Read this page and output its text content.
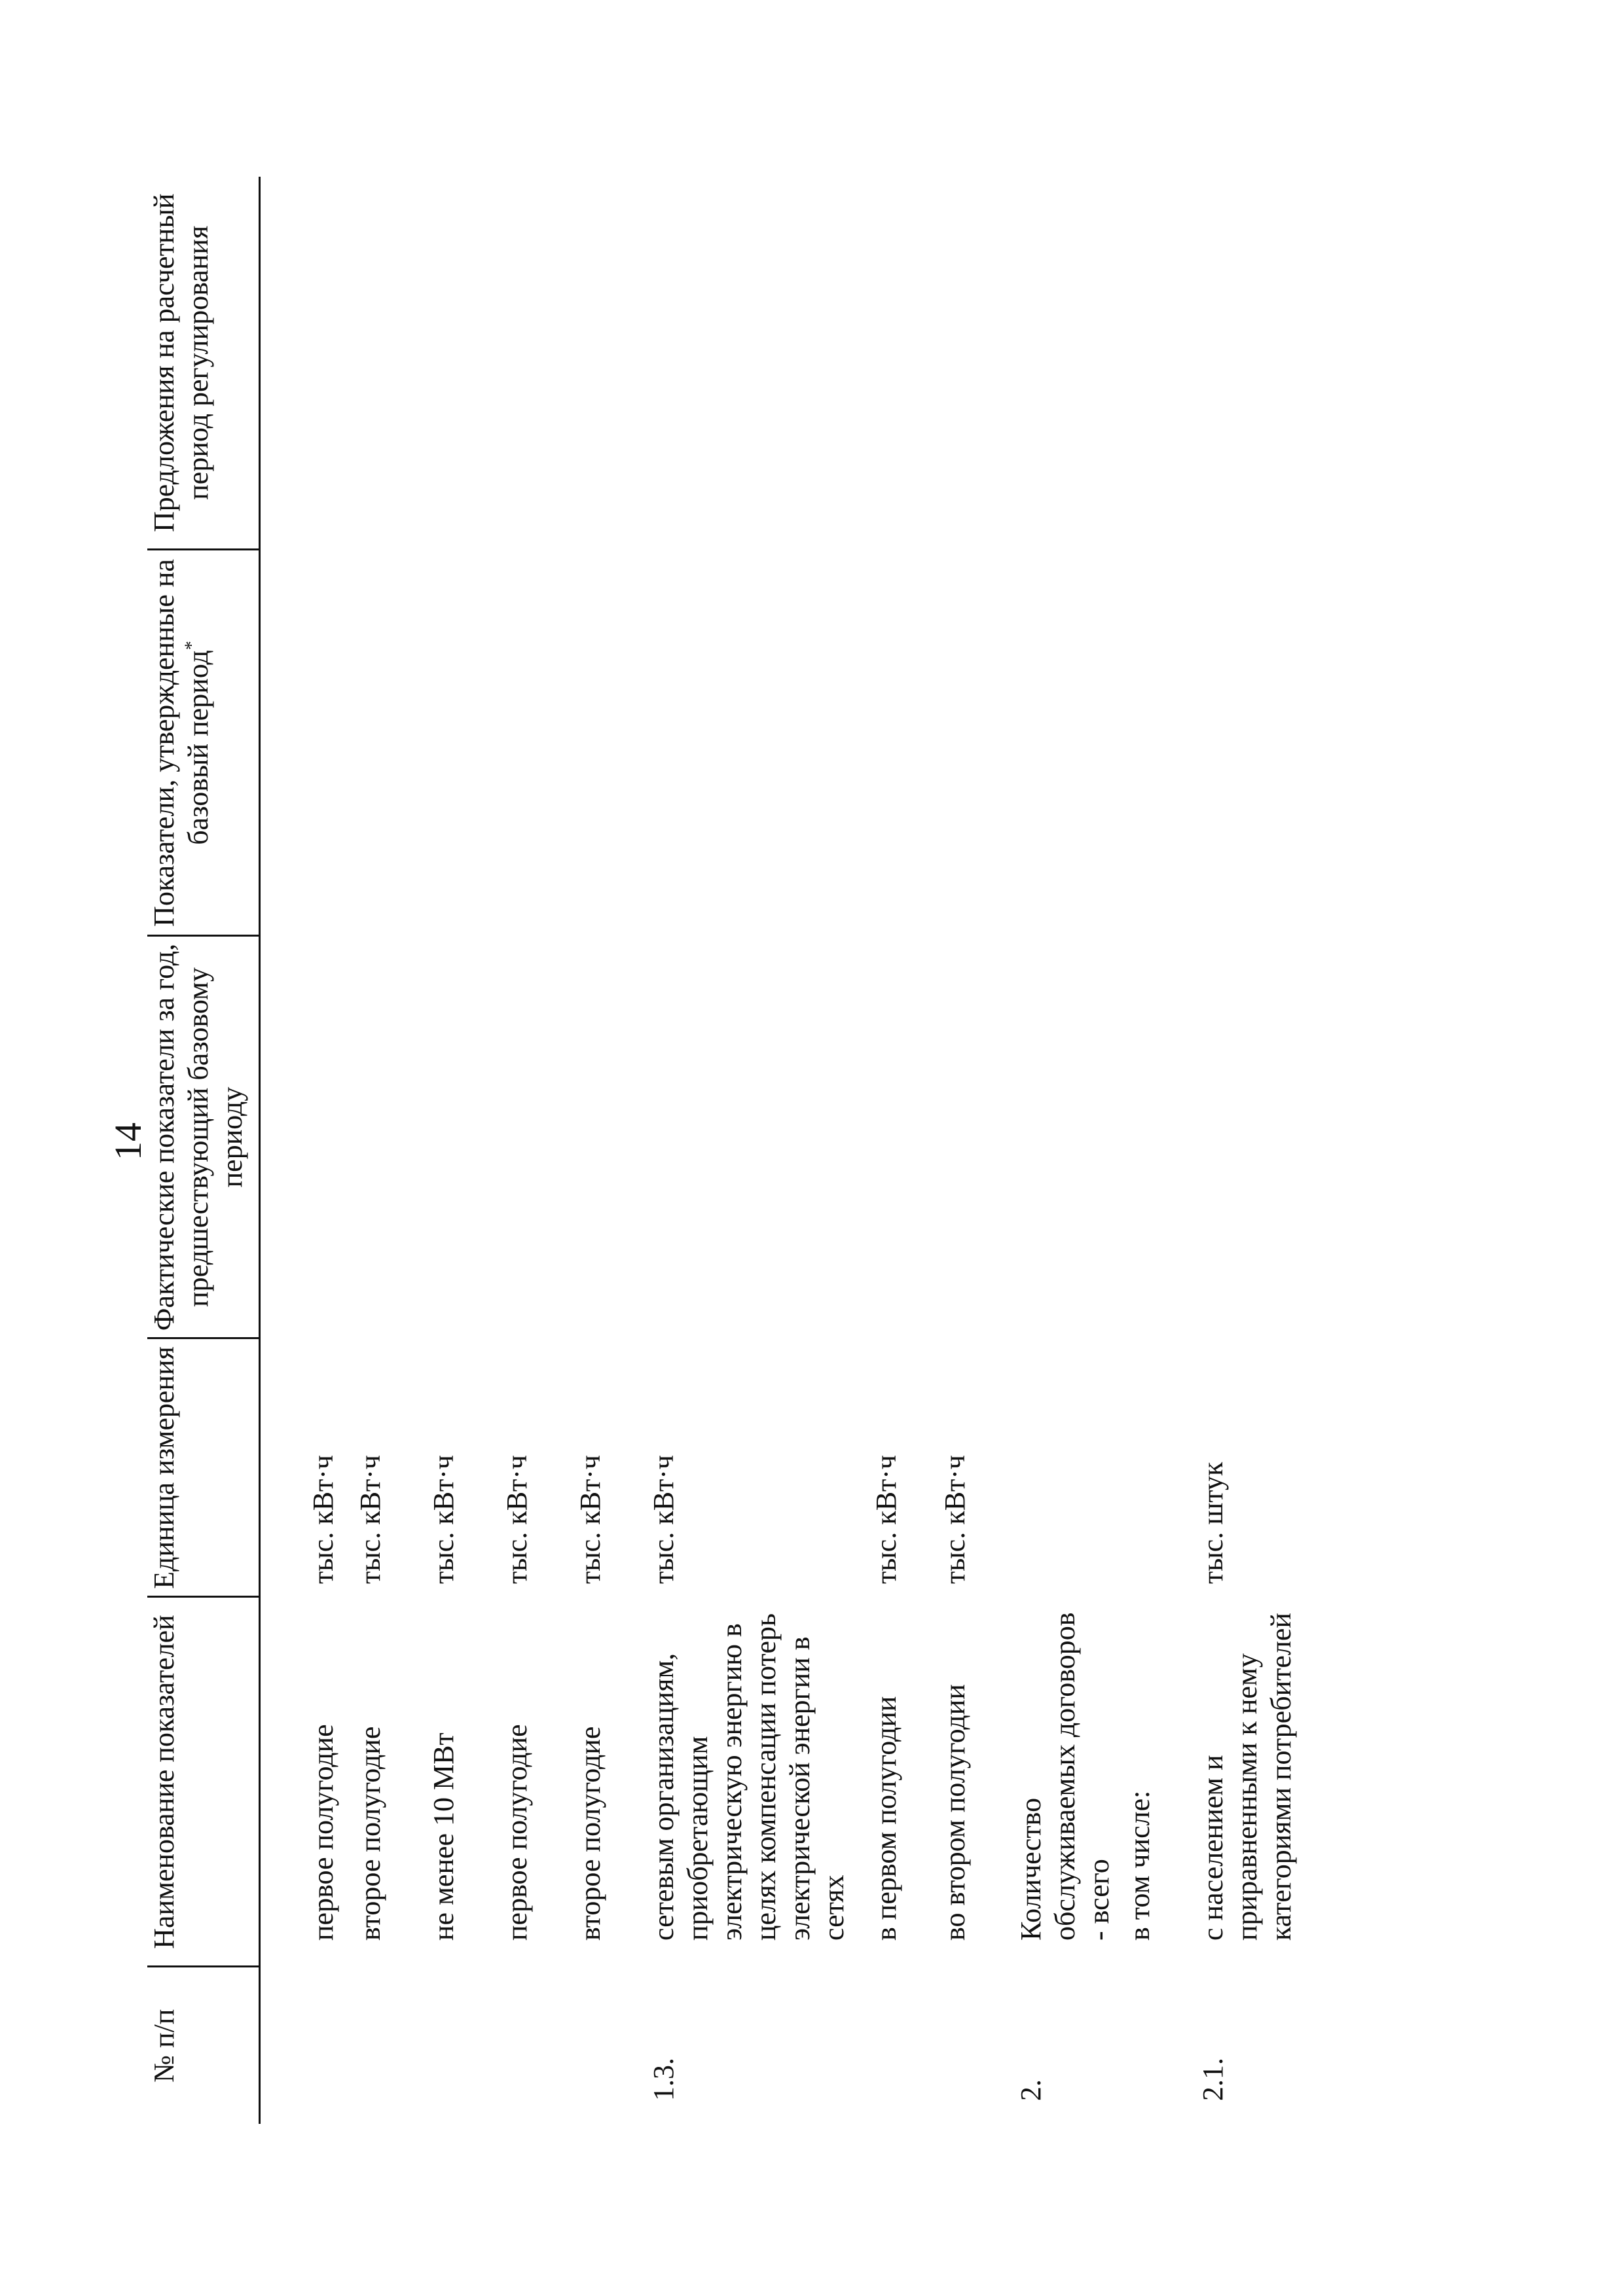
14
№ п/п	Наименование показателей	Единица измерения	Фактические показатели за год, предшествующий базовому периоду	Показатели, утвержденные на базовый период*	Предложения на расчетный период регулирования
	первое полугодие	тыс. кВт·ч			
	второе полугодие	тыс. кВт·ч			
	не менее 10 МВт	тыс. кВт·ч			
	первое полугодие	тыс. кВт·ч			
	второе полугодие	тыс. кВт·ч			
1.3.	сетевым организациям, приобретающим электрическую энергию в целях компенсации потерь электрической энергии в сетях	тыс. кВт·ч			
	в первом полугодии	тыс. кВт·ч			
	во втором полугодии	тыс. кВт·ч			
2.	Количество обслуживаемых договоров - всего				
	в том числе:				
2.1.	с населением и приравненными к нему категориями потребителей	тыс. штук			
